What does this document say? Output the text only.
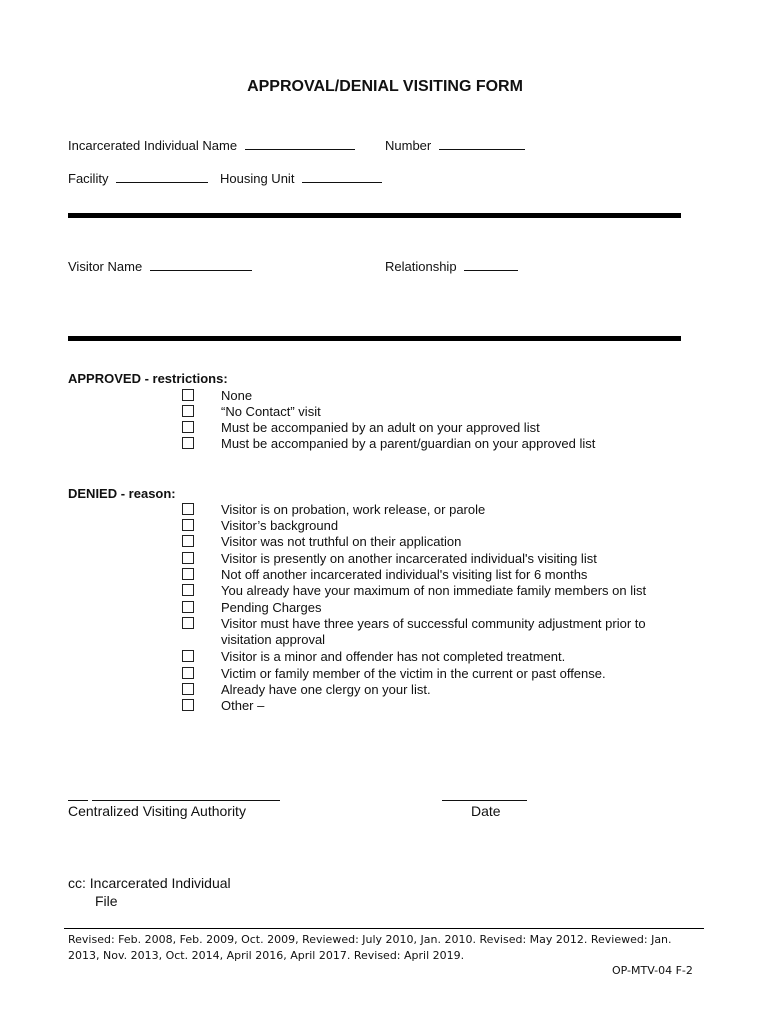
APPROVAL/DENIAL VISITING FORM
Incarcerated Individual Name	Number
Facility	Housing Unit
Visitor Name	Relationship
APPROVED - restrictions:
None
“No Contact” visit
Must be accompanied by an adult on your approved list
Must be accompanied by a parent/guardian on your approved list
DENIED - reason:
Visitor is on probation, work release, or parole
Visitor’s background
Visitor was not truthful on their application
Visitor is presently on another incarcerated individual's visiting list
Not off another incarcerated individual's visiting list for 6 months
You already have your maximum of non immediate family members on list
Pending Charges
Visitor must have three years of successful community adjustment prior to visitation approval
Visitor is a minor and offender has not completed treatment.
Victim or family member of the victim in the current or past offense.
Already have one clergy on your list.
Other –
Centralized Visiting Authority	Date
cc: Incarcerated Individual
File
Revised: Feb. 2008, Feb. 2009, Oct. 2009, Reviewed: July 2010, Jan. 2010. Revised: May 2012. Reviewed: Jan. 2013, Nov. 2013, Oct. 2014, April 2016, April 2017. Revised: April 2019.
OP-MTV-04 F-2
